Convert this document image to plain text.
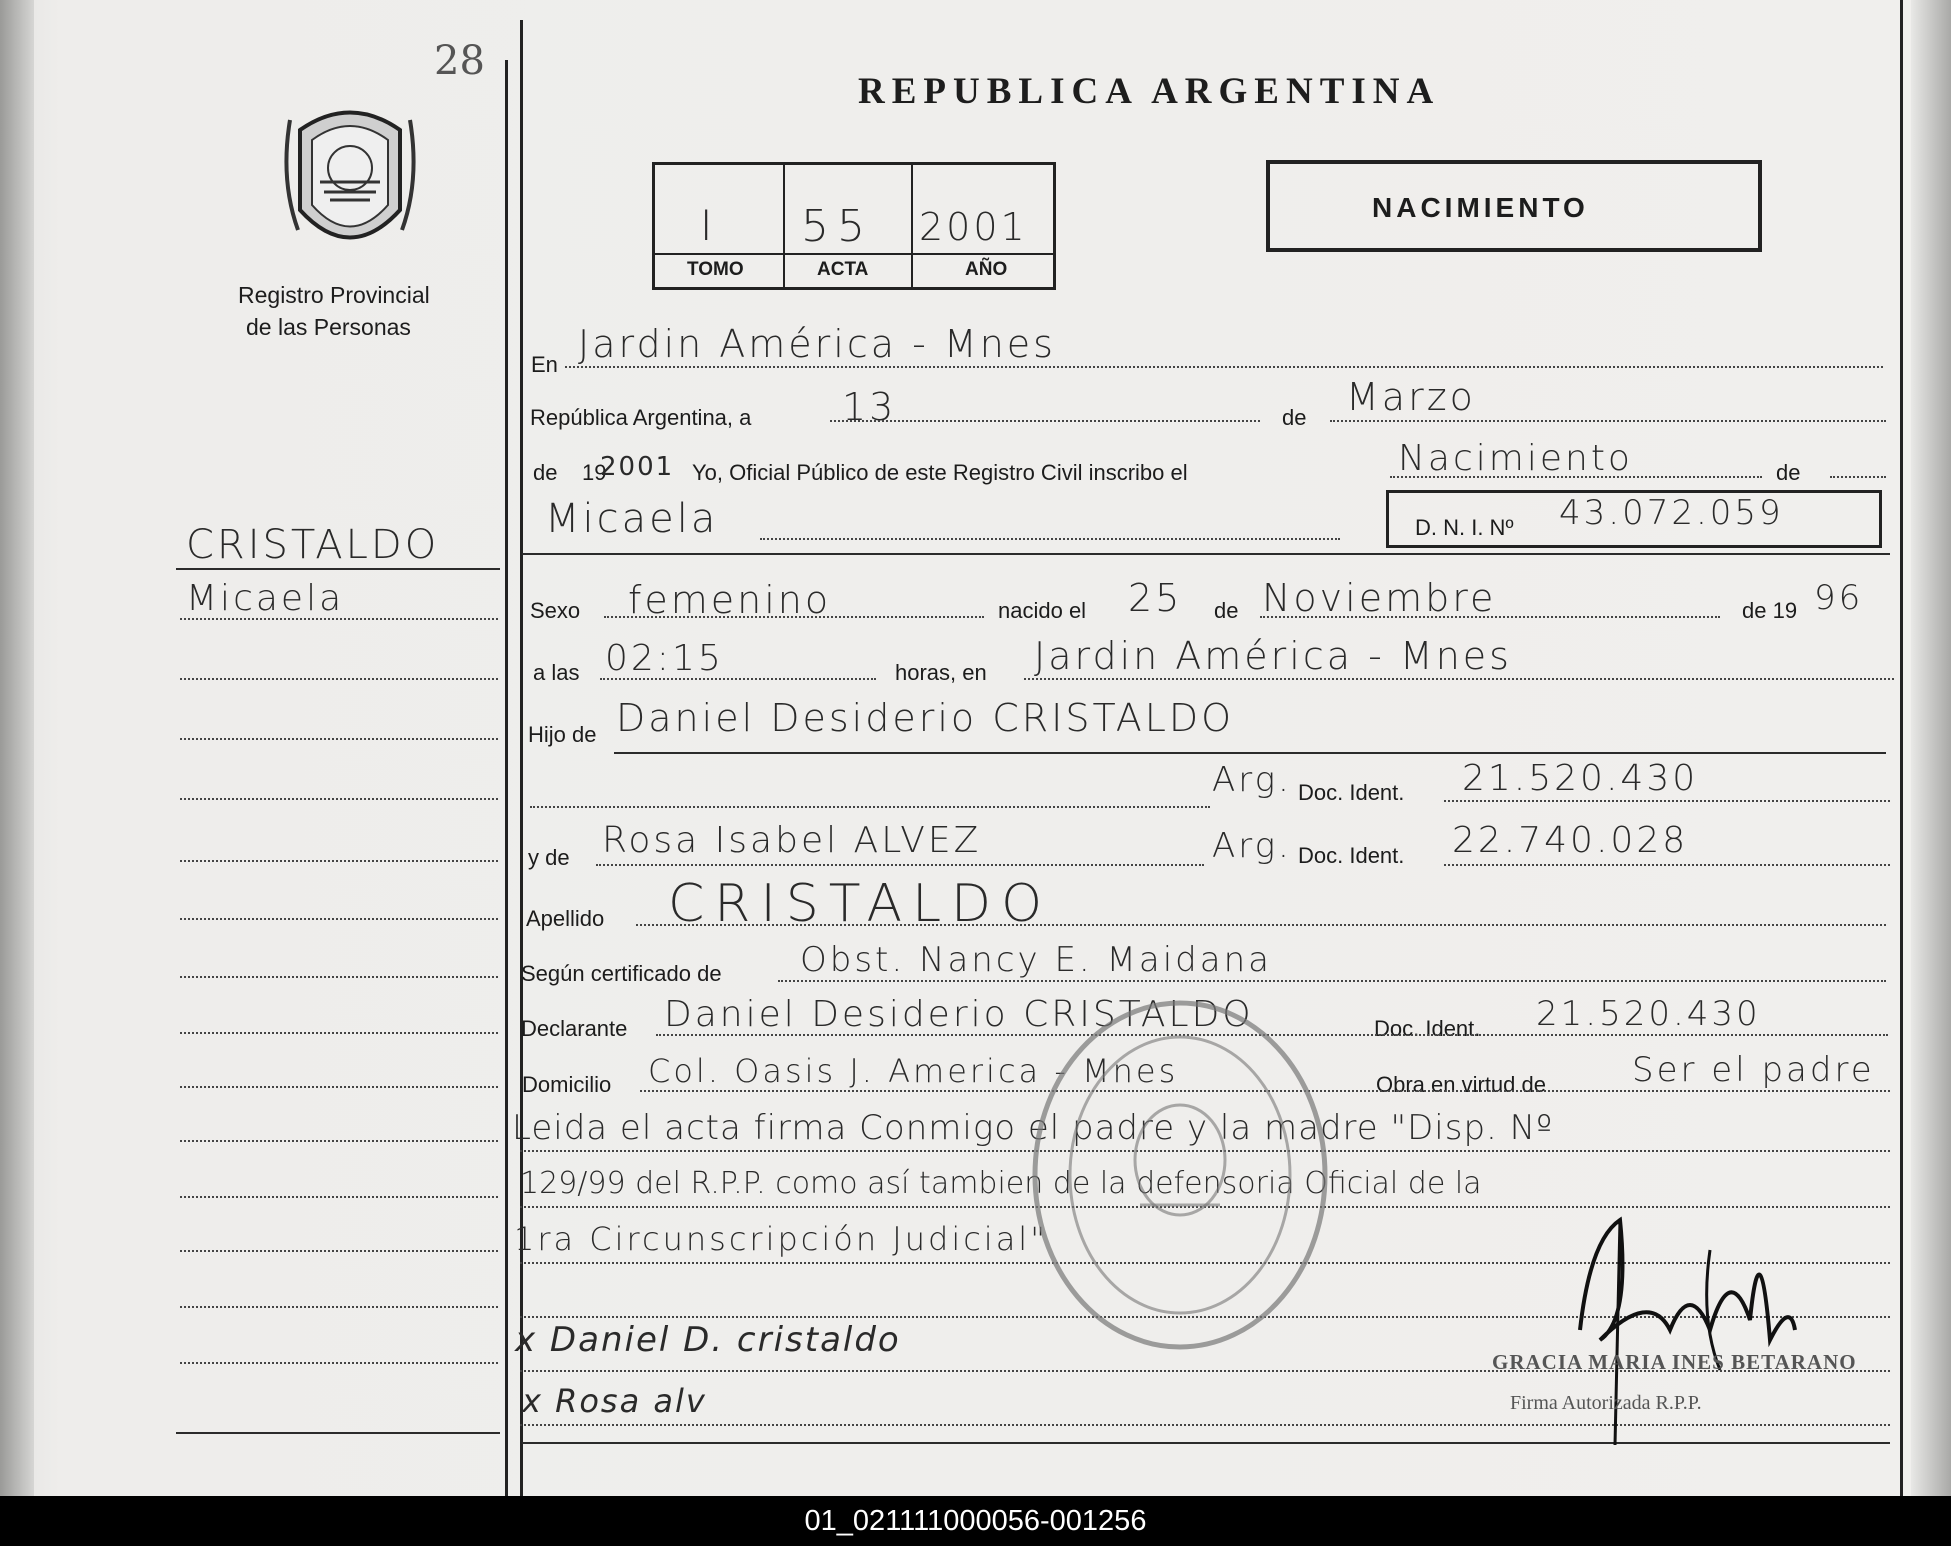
28
Registro Provincial
de las Personas
CRISTALDO
Micaela
x Daniel D. cristaldo
x Rosa alv
REPUBLICA ARGENTINA
I 55 2001
TOMO	ACTA	AÑO
NACIMIENTO
En Jardin América - Mnes
República Argentina, a 13	de Marzo
de 19
2001 Yo, Oficial Público de este Registro Civil inscribo el	Nacimiento	de
Micaela	D. N. I. Nº 43.072.059
Sexo femenino	nacido el 25 de Noviembre	de 19 96
a las 02:15	horas, en Jardin América - Mnes
Hijo de Daniel Desiderio CRISTALDO
Arg. Doc. Ident. 21.520.430
y de Rosa Isabel ALVEZ	Arg. Doc. Ident. 22.740.028
Apellido CRISTALDO
Según certificado de Obst. Nancy E. Maidana
Declarante Daniel Desiderio CRISTALDO	Doc. Ident. 21.520.430
Domicilio Col. Oasis J. America - Mnes	Obra en virtud de	Ser el padre
Leida el acta firma Conmigo el padre y la madre "Disp. Nº
129/99 del R.P.P. como así tambien de la defensoria Oficial de la
1ra Circunscripción Judicial"
GRACIA MARIA INES BETARANO
Firma Autorizada R.P.P.
01_021111000056-001256
